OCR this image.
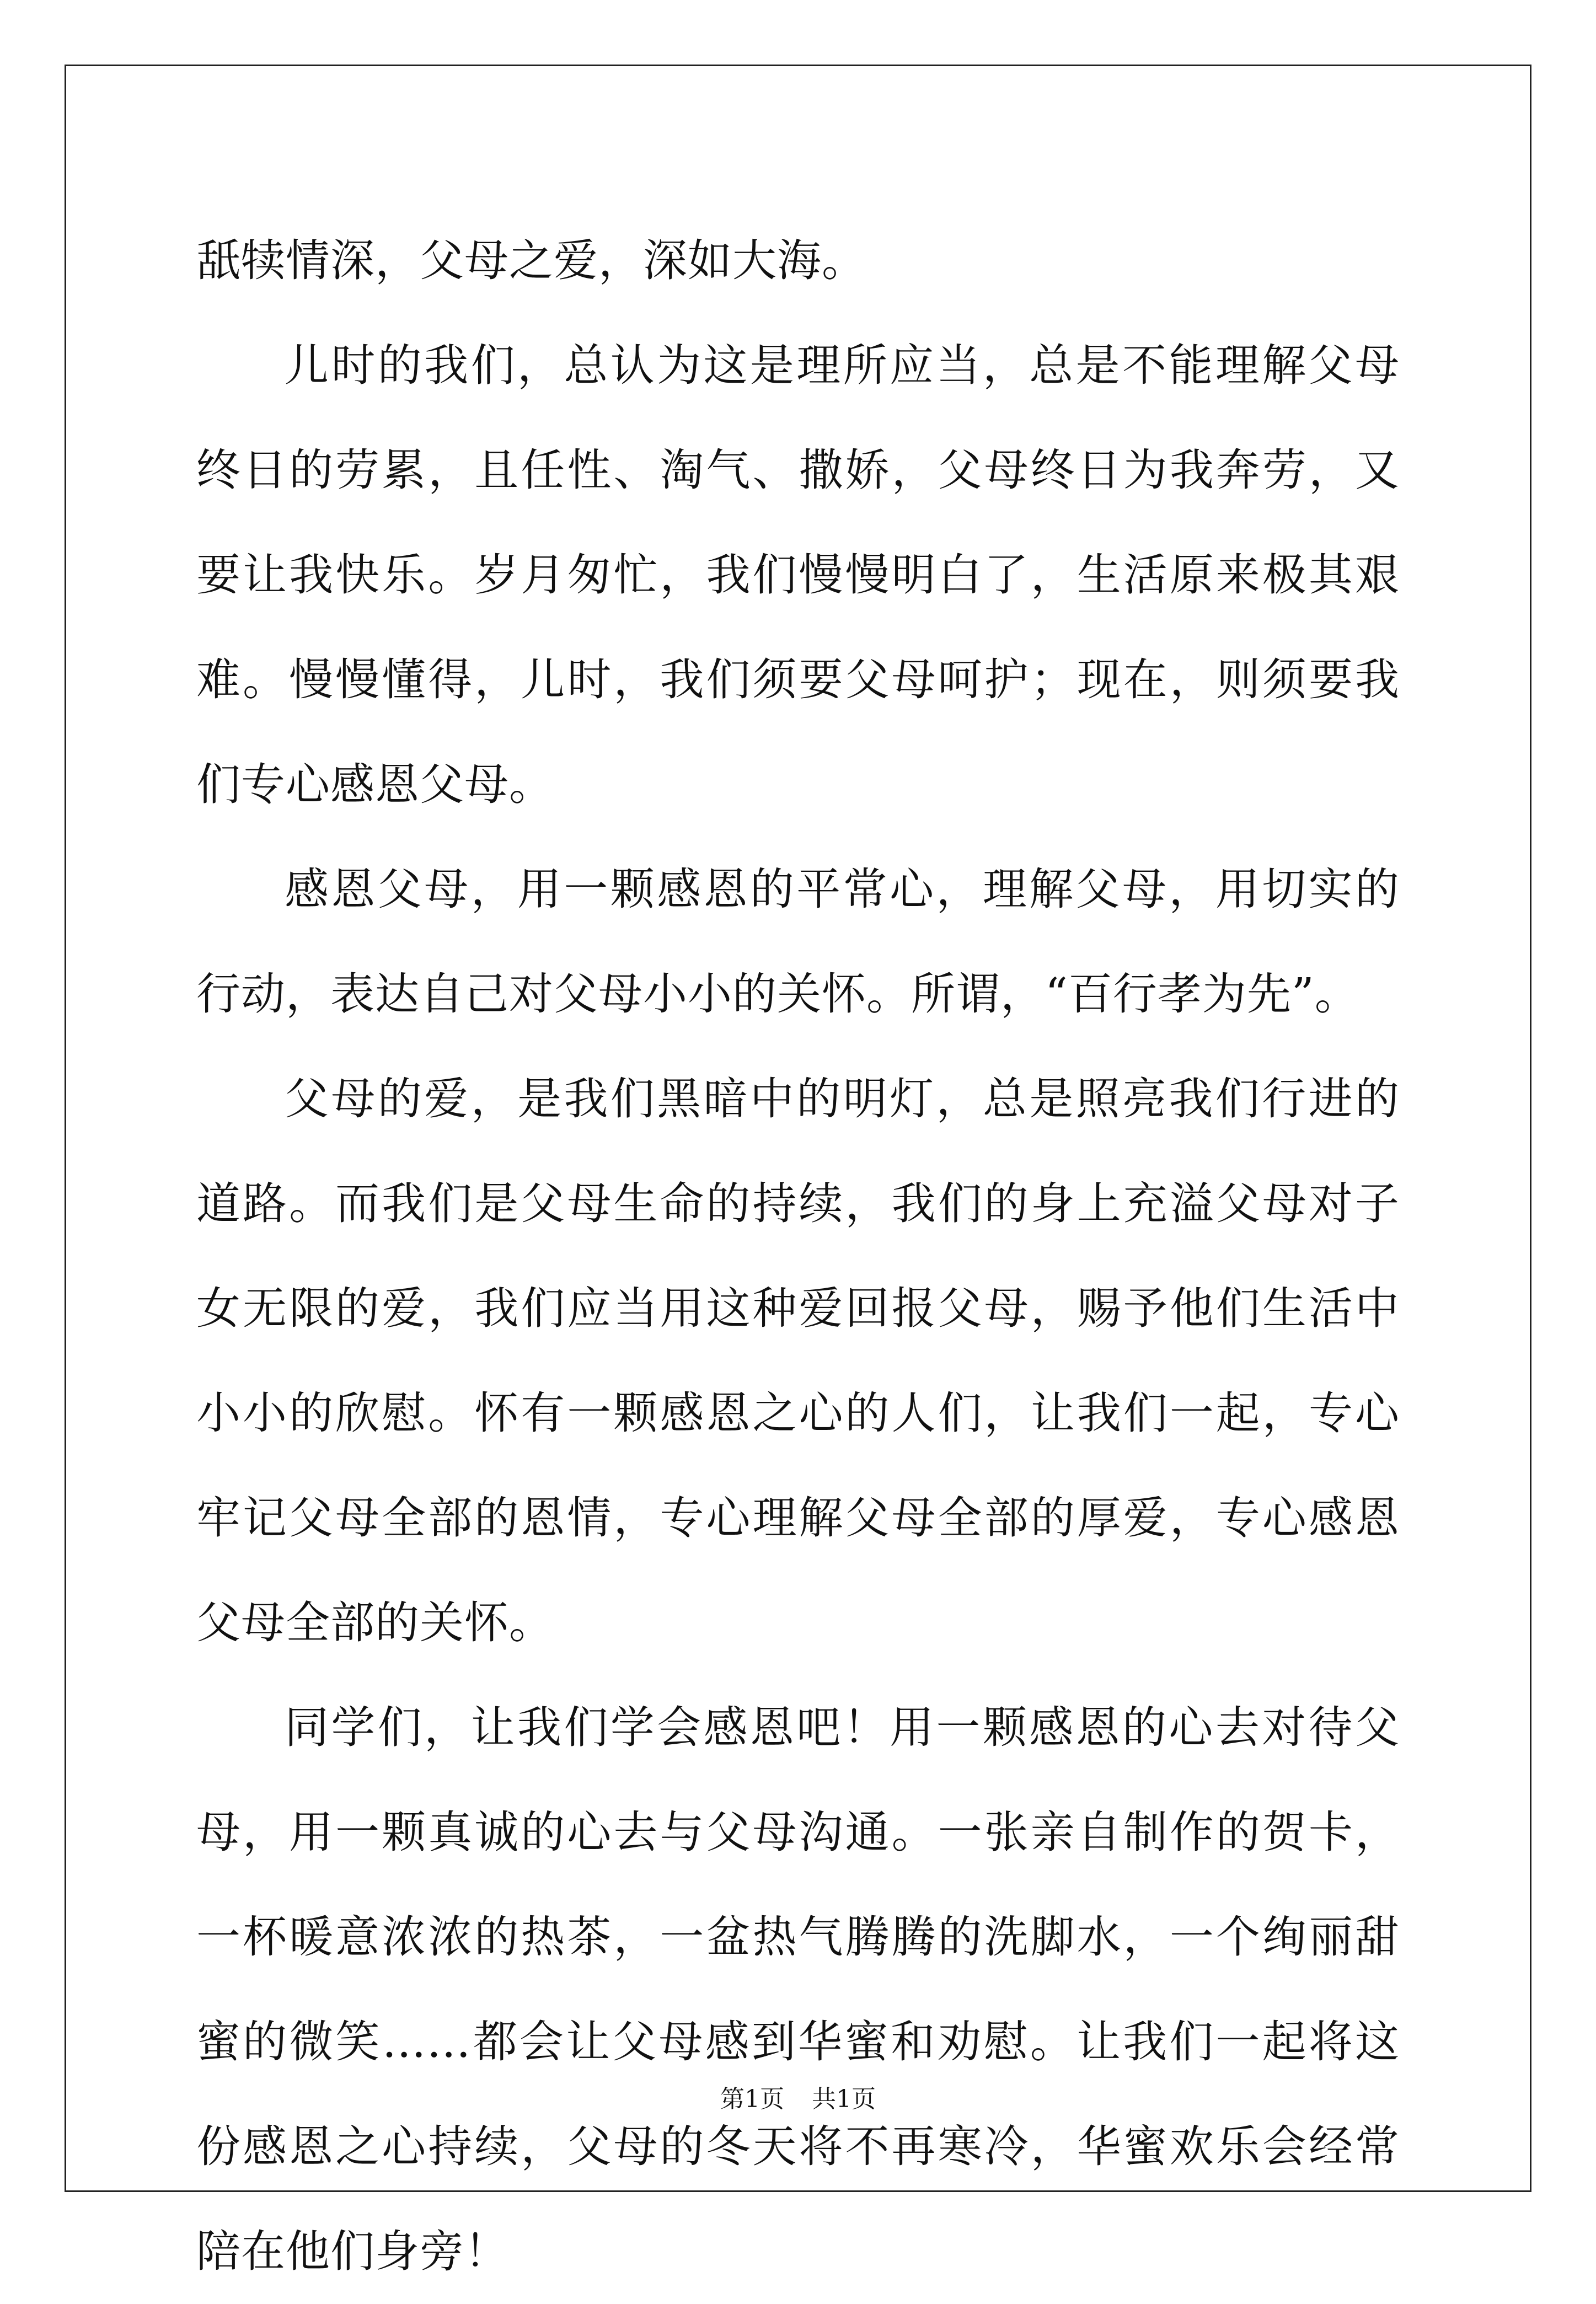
舐犊情深，父母之爱，深如大海。

儿时的我们，总认为这是理所应当，总是不能理解父母终日的劳累，且任性、淘气、撒娇，父母终日为我奔劳，又要让我快乐。岁月匆忙，我们慢慢明白了，生活原来极其艰难。慢慢懂得，儿时，我们须要父母呵护；现在，则须要我们专心感恩父母。

感恩父母，用一颗感恩的平常心，理解父母，用切实的行动，表达自己对父母小小的关怀。所谓，“百行孝为先”。

父母的爱，是我们黑暗中的明灯，总是照亮我们行进的道路。而我们是父母生命的持续，我们的身上充溢父母对子女无限的爱，我们应当用这种爱回报父母，赐予他们生活中小小的欣慰。怀有一颗感恩之心的人们，让我们一起，专心牢记父母全部的恩情，专心理解父母全部的厚爱，专心感恩父母全部的关怀。

同学们，让我们学会感恩吧！用一颗感恩的心去对待父母，用一颗真诚的心去与父母沟通。一张亲自制作的贺卡，一杯暖意浓浓的热茶，一盆热气腾腾的洗脚水，一个绚丽甜蜜的微笑……都会让父母感到华蜜和劝慰。让我们一起将这份感恩之心持续，父母的冬天将不再寒冷，华蜜欢乐会经常陪在他们身旁！

第1页 共1页
